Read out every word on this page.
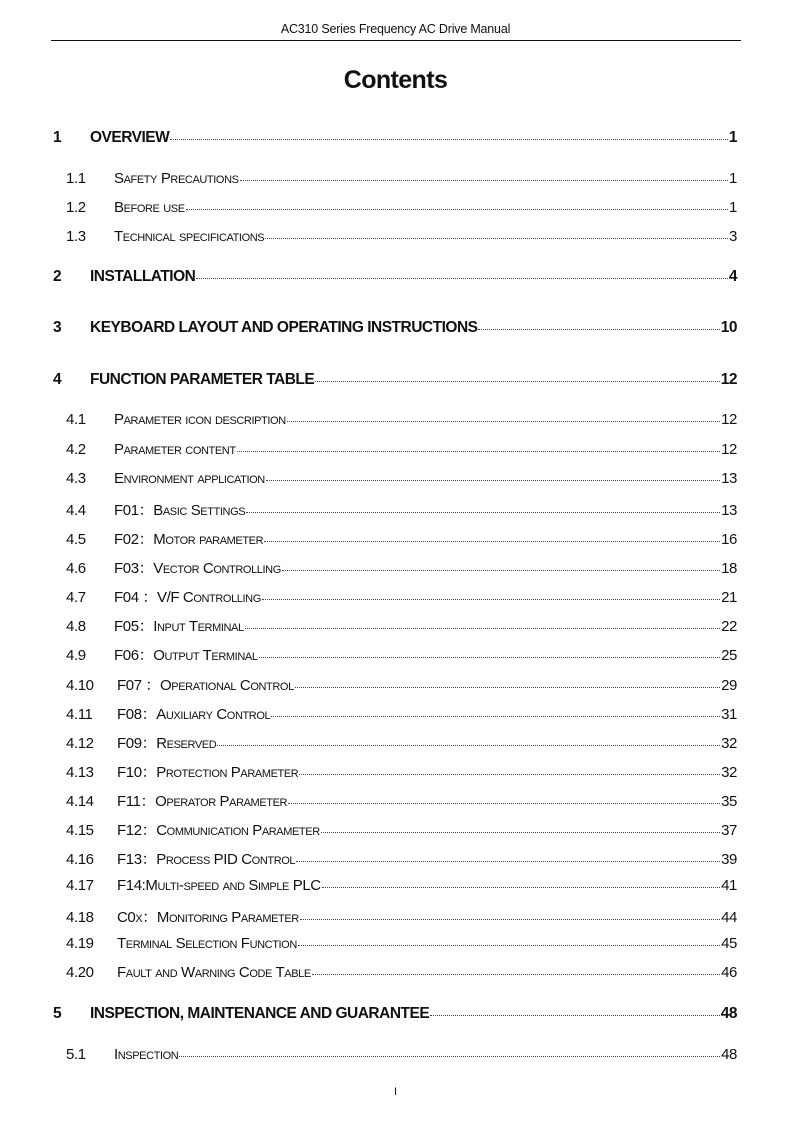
AC310 Series Frequency AC Drive Manual
Contents
1	OVERVIEW	1
1.1	Safety Precautions	1
1.2	Before use	1
1.3	Technical specifications	3
2	INSTALLATION	4
3	KEYBOARD LAYOUT AND OPERATING INSTRUCTIONS	10
4	FUNCTION PARAMETER TABLE	12
4.1	Parameter icon description	12
4.2	Parameter content	12
4.3	Environment application	13
4.4	F01：Basic Settings	13
4.5	F02：Motor parameter	16
4.6	F03：Vector Controlling	18
4.7	F04 ：V/F Controlling	21
4.8	F05：Input Terminal	22
4.9	F06：Output Terminal	25
4.10	F07 ：Operational Control	29
4.11	F08：Auxiliary Control	31
4.12	F09：Reserved	32
4.13	F10：Protection Parameter	32
4.14	F11：Operator Parameter	35
4.15	F12：Communication Parameter	37
4.16	F13：Process PID Control	39
4.17	F14:Multi-speed and Simple PLC	41
4.18	C0x：Monitoring Parameter	44
4.19	Terminal Selection Function	45
4.20	Fault and Warning Code Table	46
5	INSPECTION, MAINTENANCE AND GUARANTEE	48
5.1	Inspection	48
I
